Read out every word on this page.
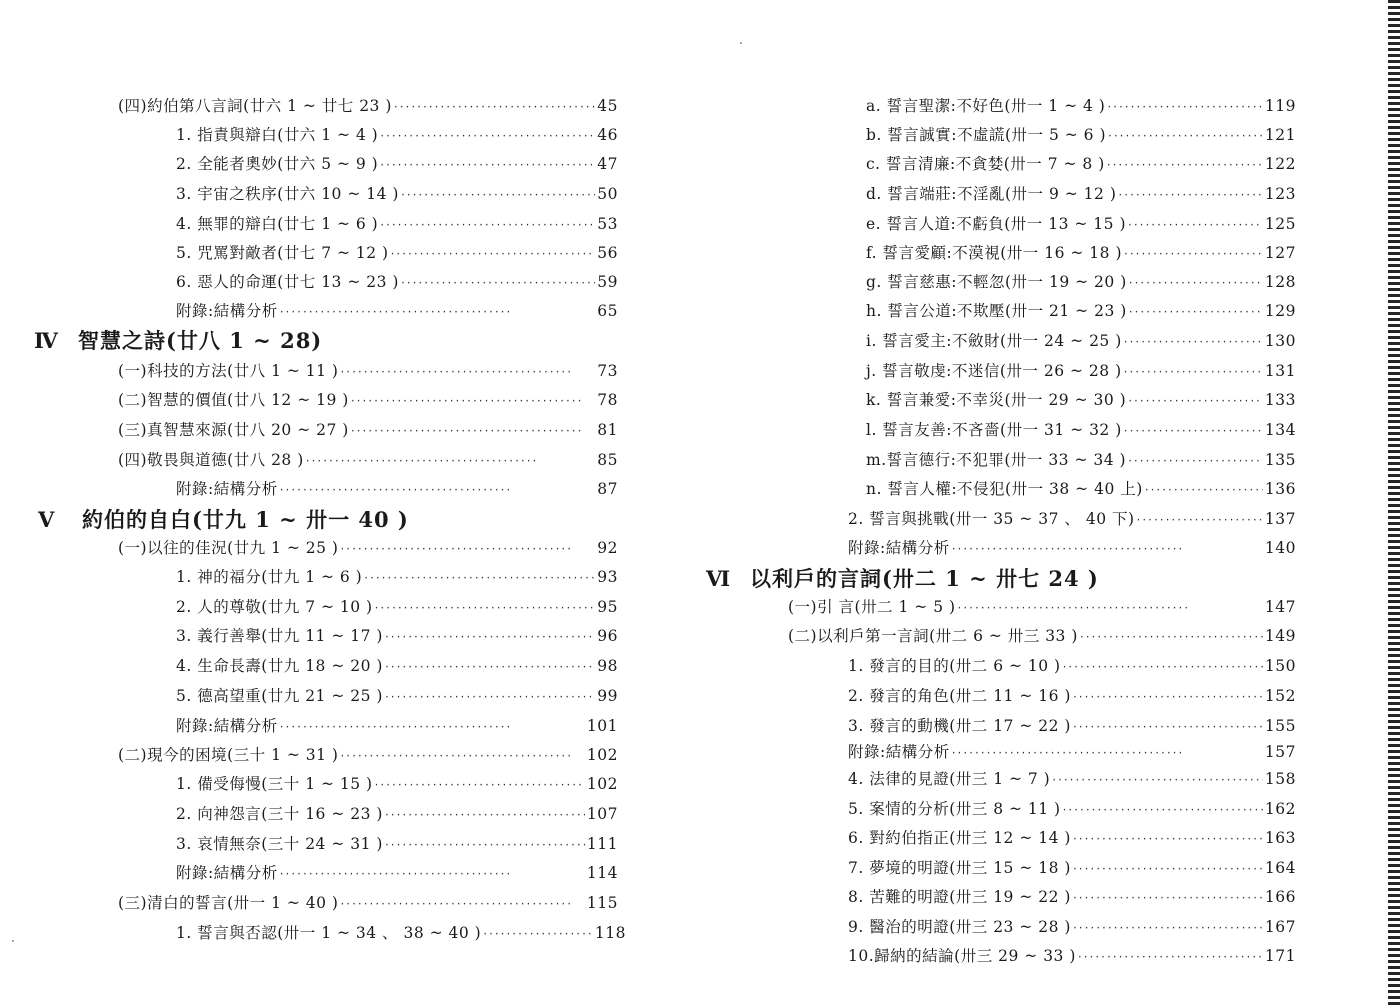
(四)約伯第八言詞(廿六 1 ~ 廿七 23 ) ‧‧‧‧‧	45
1. 指責與辯白(廿六 1 ~ 4 ) ‧‧‧‧‧	46
2. 全能者奧妙(廿六 5 ~ 9 ) ‧‧‧‧‧	47
3. 宇宙之秩序(廿六 10 ~ 14 ) ‧‧‧‧‧	50
4. 無罪的辯白(廿七 1 ~ 6 ) ‧‧‧‧‧	53
5. 咒罵對敵者(廿七 7 ~ 12 ) ‧‧‧‧‧	56
6. 惡人的命運(廿七 13 ~ 23 ) ‧‧‧‧‧	59
附錄:結構分析 ‧‧‧‧‧	65
Ⅳ 智慧之詩(廿八 1 ~ 28)
(一)科技的方法(廿八 1 ~ 11 ) ‧‧‧‧‧	73
(二)智慧的價值(廿八 12 ~ 19 ) ‧‧‧‧‧	78
(三)真智慧來源(廿八 20 ~ 27 ) ‧‧‧‧‧	81
(四)敬畏與道德(廿八 28 ) ‧‧‧‧‧	85
附錄:結構分析 ‧‧‧‧‧	87
Ⅴ 約伯的自白(廿九 1 ~ 卅一 40 )
(一)以往的佳況(廿九 1 ~ 25 ) ‧‧‧‧‧	92
1. 神的福分(廿九 1 ~ 6 ) ‧‧‧‧‧	93
2. 人的尊敬(廿九 7 ~ 10 ) ‧‧‧‧‧	95
3. 義行善舉(廿九 11 ~ 17 ) ‧‧‧‧‧	96
4. 生命長壽(廿九 18 ~ 20 ) ‧‧‧‧‧	98
5. 德高望重(廿九 21 ~ 25 ) ‧‧‧‧‧	99
附錄:結構分析 ‧‧‧‧‧	101
(二)現今的困境(三十 1 ~ 31 ) ‧‧‧‧‧	102
1. 備受侮慢(三十 1 ~ 15 ) ‧‧‧‧‧	102
2. 向神怨言(三十 16 ~ 23 ) ‧‧‧‧‧	107
3. 哀情無奈(三十 24 ~ 31 ) ‧‧‧‧‧	111
附錄:結構分析 ‧‧‧‧‧	114
(三)清白的誓言(卅一 1 ~ 40 ) ‧‧‧‧‧	115
1. 誓言與否認(卅一 1 ~ 34 、 38 ~ 40 ) ‧‧‧‧‧	118
a. 誓言聖潔:不好色(卅一 1 ~ 4 ) ‧‧‧‧‧	119
b. 誓言誠實:不虛謊(卅一 5 ~ 6 ) ‧‧‧‧‧	121
c. 誓言清廉:不貪婪(卅一 7 ~ 8 ) ‧‧‧‧‧	122
d. 誓言端莊:不淫亂(卅一 9 ~ 12 ) ‧‧‧‧‧	123
e. 誓言人道:不虧負(卅一 13 ~ 15 ) ‧‧‧‧‧	125
f. 誓言愛顧:不漠視(卅一 16 ~ 18 ) ‧‧‧‧‧	127
g. 誓言慈惠:不輕忽(卅一 19 ~ 20 ) ‧‧‧‧‧	128
h. 誓言公道:不欺壓(卅一 21 ~ 23 ) ‧‧‧‧‧	129
i. 誓言愛主:不斂財(卅一 24 ~ 25 ) ‧‧‧‧‧	130
j. 誓言敬虔:不迷信(卅一 26 ~ 28 ) ‧‧‧‧‧	131
k. 誓言兼愛:不幸災(卅一 29 ~ 30 ) ‧‧‧‧‧	133
l. 誓言友善:不吝嗇(卅一 31 ~ 32 ) ‧‧‧‧‧	134
m.誓言德行:不犯罪(卅一 33 ~ 34 ) ‧‧‧‧‧	135
n. 誓言人權:不侵犯(卅一 38 ~ 40 上) ‧‧‧‧‧	136
2. 誓言與挑戰(卅一 35 ~ 37 、 40 下) ‧‧‧‧‧	137
附錄:結構分析 ‧‧‧‧‧	140
Ⅵ 以利戶的言詞(卅二 1 ~ 卅七 24 )
(一)引 言(卅二 1 ~ 5 ) ‧‧‧‧‧	147
(二)以利戶第一言詞(卅二 6 ~ 卅三 33 ) ‧‧‧‧‧	149
1. 發言的目的(卅二 6 ~ 10 ) ‧‧‧‧‧	150
2. 發言的角色(卅二 11 ~ 16 ) ‧‧‧‧‧	152
3. 發言的動機(卅二 17 ~ 22 ) ‧‧‧‧‧	155
附錄:結構分析 ‧‧‧‧‧	157
4. 法律的見證(卅三 1 ~ 7 ) ‧‧‧‧‧	158
5. 案情的分析(卅三 8 ~ 11 ) ‧‧‧‧‧	162
6. 對約伯指正(卅三 12 ~ 14 ) ‧‧‧‧‧	163
7. 夢境的明證(卅三 15 ~ 18 ) ‧‧‧‧‧	164
8. 苦難的明證(卅三 19 ~ 22 ) ‧‧‧‧‧	166
9. 醫治的明證(卅三 23 ~ 28 ) ‧‧‧‧‧	167
10.歸納的結論(卅三 29 ~ 33 ) ‧‧‧‧‧	171
